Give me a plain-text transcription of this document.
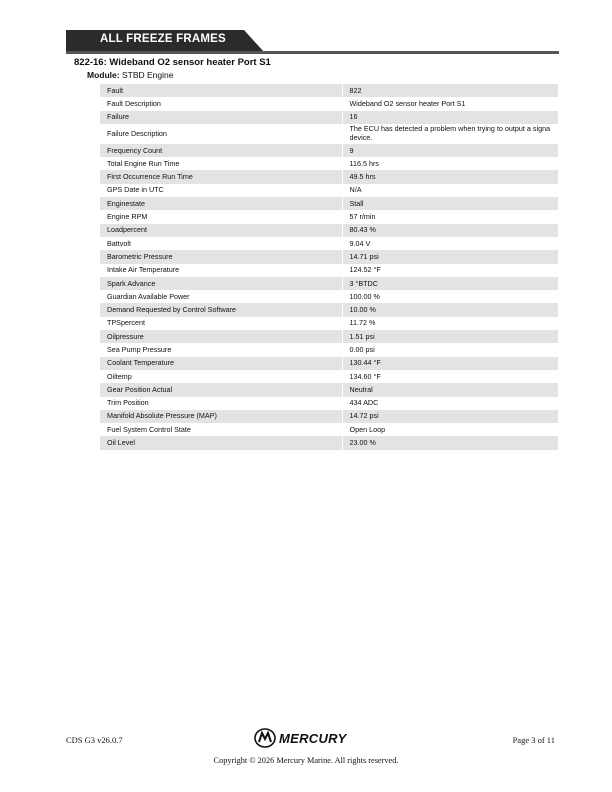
ALL FREEZE FRAMES
822-16: Wideband O2 sensor heater Port S1
Module: STBD Engine
Fault	822
Fault Description	Wideband O2 sensor heater Port S1
Failure	16
Failure Description	The ECU has detected a problem when trying to output a signa
device.

Frequency Count	9
Total Engine Run Time	116.5 hrs
First Occurrence Run Time	49.5 hrs
GPS Date in UTC	N/A
Enginestate	Stall
Engine RPM	57 r/min
Loadpercent	80.43 %
Battvolt	9.04 V
Barometric Pressure	14.71 psi
Intake Air Temperature	124.52 °F
Spark Advance	3 °BTDC
Guardian Available Power	100.00 %
Demand Requested by Control Software	10.00 %
TPSpercent	11.72 %
Oilpressure	1.51 psi
Sea Pump Pressure	0.00 psi
Coolant Temperature	130.44 °F
Oiltemp	134.60 °F
Gear Position Actual	Neutral
Trim Position	434 ADC
Manifold Absolute Pressure (MAP)	14.72 psi
Fuel System Control State	Open Loop
Oil Level	23.00 %
CDS G3 v26.0.7	MERCURY	Page 3 of 11
Copyright © 2026 Mercury Marine. All rights reserved.
